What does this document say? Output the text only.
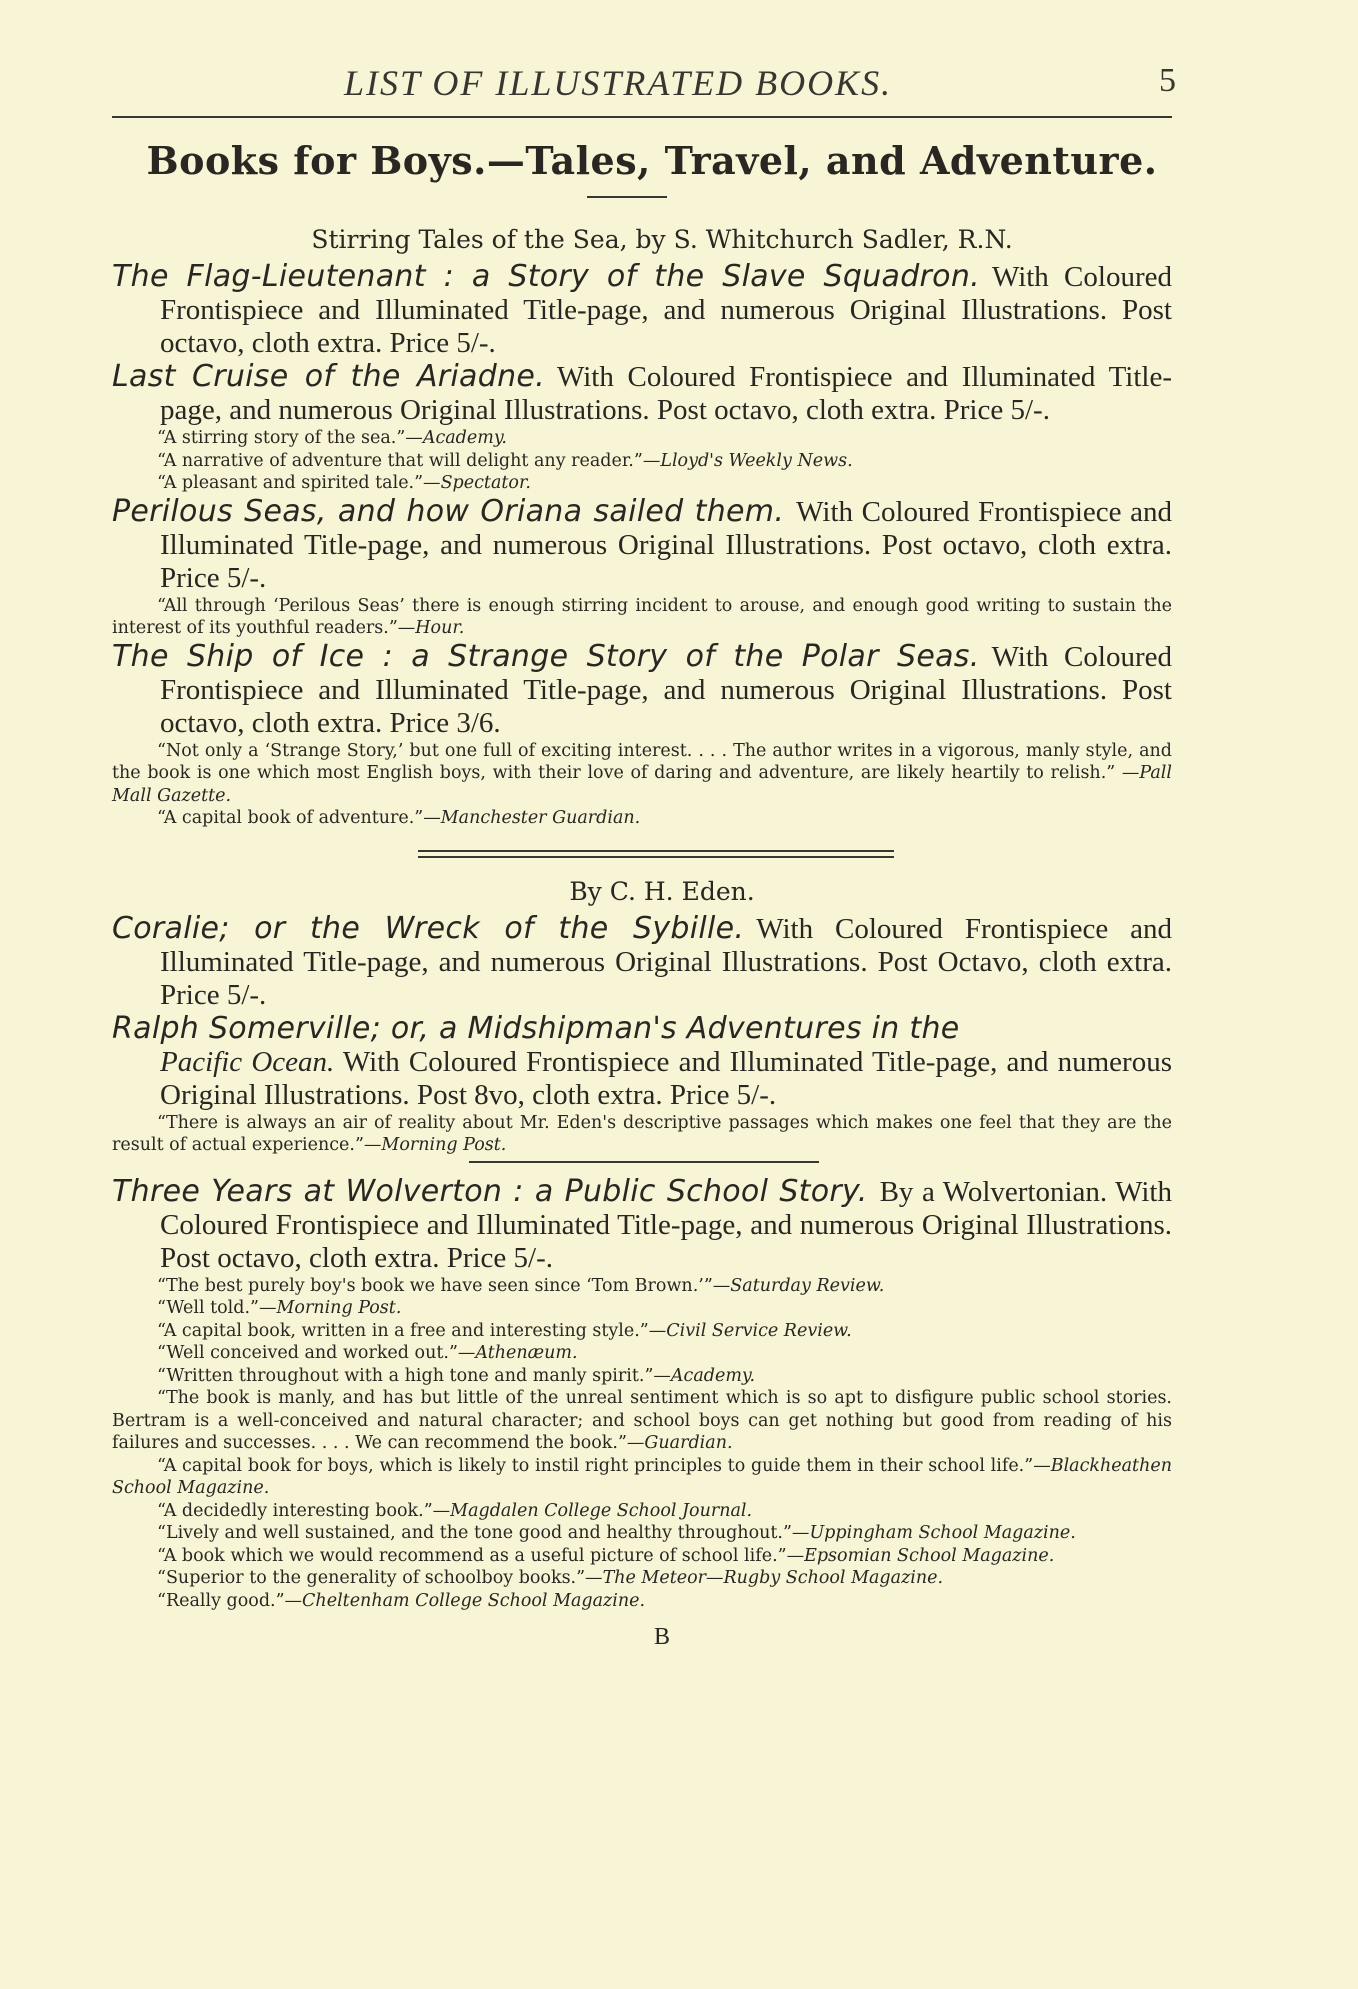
LIST OF ILLUSTRATED BOOKS.	5
Books for Boys.—Tales, Travel, and Adventure.

Stirring Tales of the Sea, by S. Whitchurch Sadler, R.N.

The Flag-Lieutenant : a Story of the Slave Squadron. With Coloured Frontispiece and Illuminated Title-page, and numerous Original Illustrations. Post octavo, cloth extra. Price 5/-.

Last Cruise of the Ariadne. With Coloured Frontispiece and Illuminated Title-page, and numerous Original Illustrations. Post octavo, cloth extra. Price 5/-.

“A stirring story of the sea.”—Academy.

“A narrative of adventure that will delight any reader.”—Lloyd's Weekly News.

“A pleasant and spirited tale.”—Spectator.

Perilous Seas, and how Oriana sailed them. With Coloured Frontispiece and Illuminated Title-page, and numerous Original Illustrations. Post octavo, cloth extra. Price 5/-.

“All through ‘Perilous Seas’ there is enough stirring incident to arouse, and enough good writing to sustain the interest of its youthful readers.”—Hour.

The Ship of Ice : a Strange Story of the Polar Seas. With Coloured Frontispiece and Illuminated Title-page, and numerous Original Illustrations. Post octavo, cloth extra. Price 3/6.

“Not only a ‘Strange Story,’ but one full of exciting interest. . . . The author writes in a vigorous, manly style, and the book is one which most English boys, with their love of daring and adventure, are likely heartily to relish.” —Pall Mall Gazette.

“A capital book of adventure.”—Manchester Guardian.

By C. H. Eden.

Coralie; or the Wreck of the Sybille. With Coloured Frontispiece and Illuminated Title-page, and numerous Original Illustrations. Post Octavo, cloth extra. Price 5/-.

Ralph Somerville; or, a Midshipman's Adventures in the
Pacific Ocean. With Coloured Frontispiece and Illuminated Title-page, and numerous Original Illustrations. Post 8vo, cloth extra. Price 5/-.

“There is always an air of reality about Mr. Eden's descriptive passages which makes one feel that they are the result of actual experience.”—Morning Post.

Three Years at Wolverton : a Public School Story. By a Wolvertonian. With Coloured Frontispiece and Illuminated Title-page, and numerous Original Illustrations. Post octavo, cloth extra. Price 5/-.

“The best purely boy's book we have seen since ‘Tom Brown.’”—Saturday Review.

“Well told.”—Morning Post.

“A capital book, written in a free and interesting style.”—Civil Service Review.

“Well conceived and worked out.”—Athenæum.

“Written throughout with a high tone and manly spirit.”—Academy.

“The book is manly, and has but little of the unreal sentiment which is so apt to disfigure public school stories. Bertram is a well-conceived and natural character; and school boys can get nothing but good from reading of his failures and successes. . . . We can recommend the book.”—Guardian.

“A capital book for boys, which is likely to instil right principles to guide them in their school life.”—Blackheathen School Magazine.

“A decidedly interesting book.”—Magdalen College School Journal.

“Lively and well sustained, and the tone good and healthy throughout.”—Uppingham School Magazine.

“A book which we would recommend as a useful picture of school life.”—Epsomian School Magazine.

“Superior to the generality of schoolboy books.”—The Meteor—Rugby School Magazine.

“Really good.”—Cheltenham College School Magazine.

B
